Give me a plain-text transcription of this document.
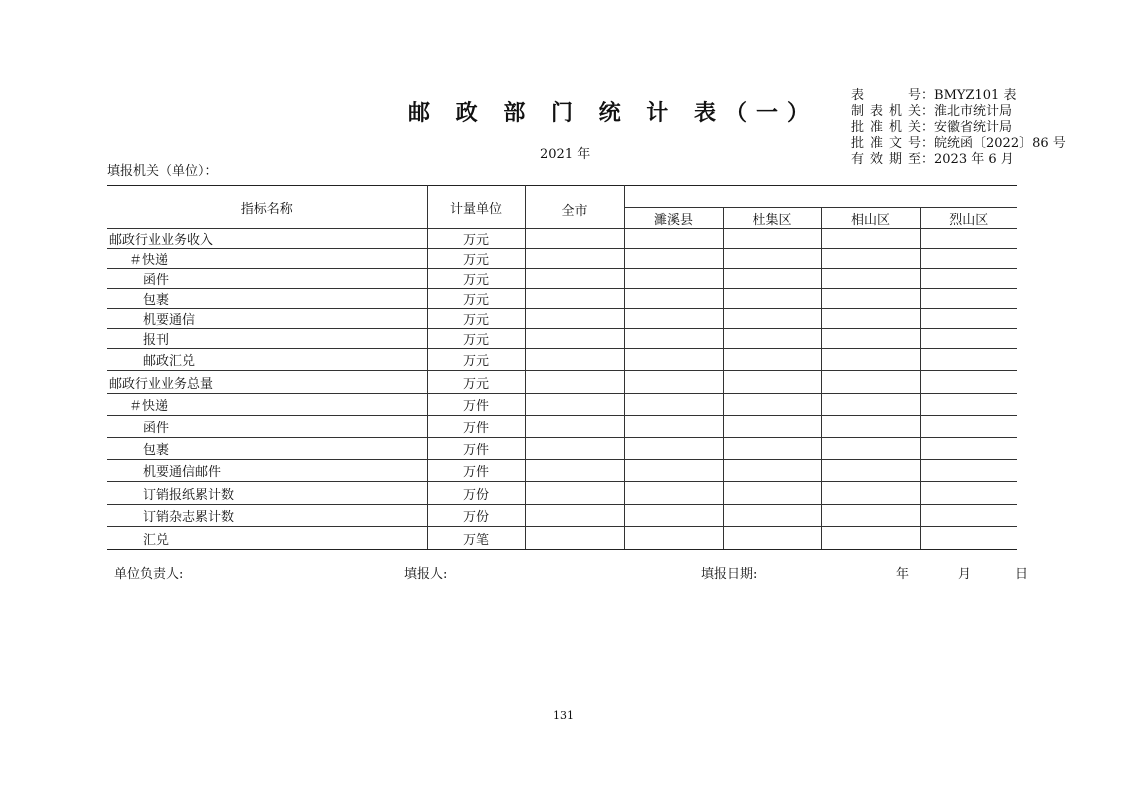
邮 政 部 门 统 计 表（一）
2021 年
填报机关（单位）：
表　　号 ： BMYZ101 表
制表机关 ： 淮北市统计局
批准机关 ： 安徽省统计局
批准文号 ： 皖统函〔2022〕86 号
有效期至 ： 2023 年 6 月
指标名称	计量单位	全市				
			濉溪县	杜集区	相山区	烈山区
邮政行业业务收入	万元					
＃快递	万元					
函件	万元					
包裹	万元					
机要通信	万元					
报刊	万元					
邮政汇兑	万元					
邮政行业业务总量	万元					
＃快递	万件					
函件	万件					
包裹	万件					
机要通信邮件	万件					
订销报纸累计数	万份					
订销杂志累计数	万份					
汇兑	万笔					
单位负责人:	填报人:	填报日期:	年	月	日
131
